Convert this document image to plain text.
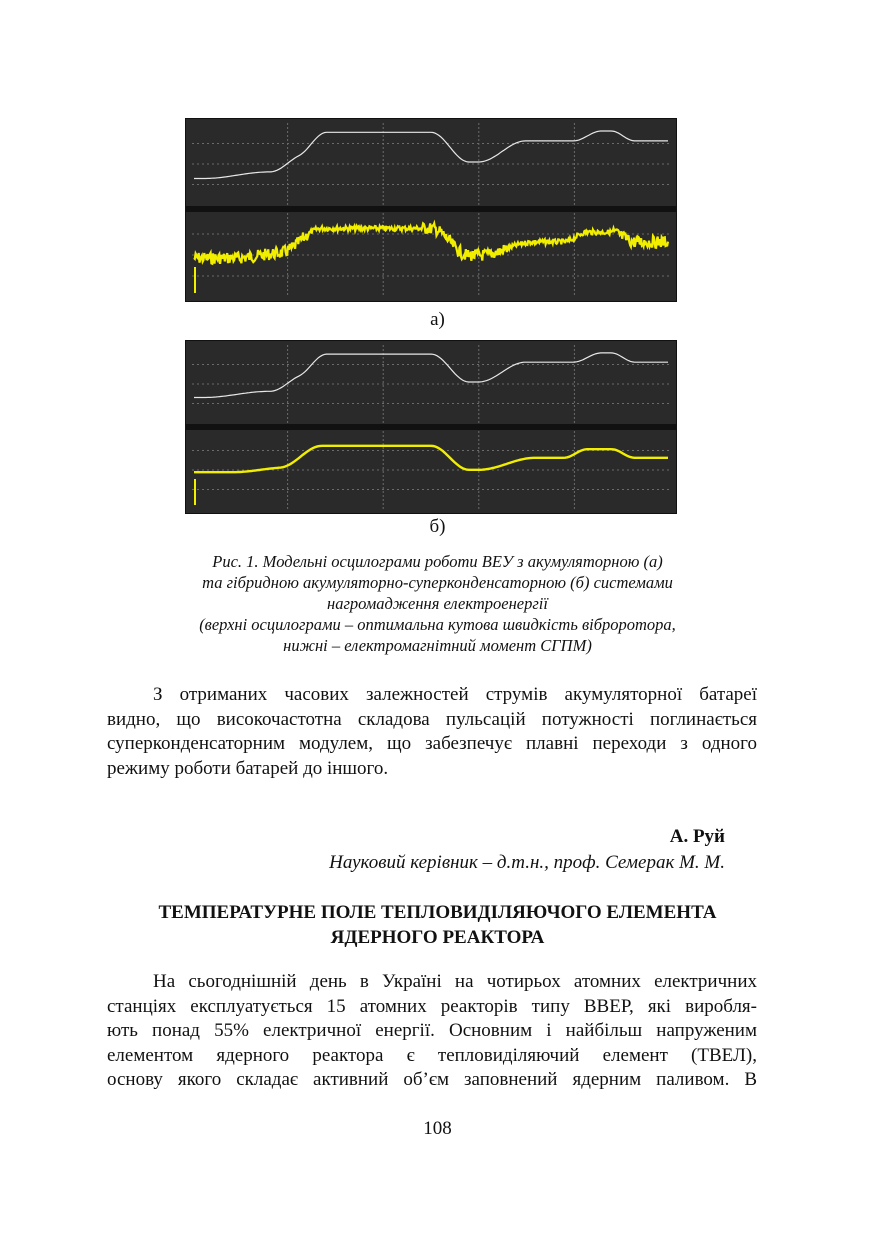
а)
б)
Рис. 1. Модельні осцилограми роботи ВЕУ з акумуляторною (а)
та гібридною акумуляторно-суперконденсаторною (б) системами
нагромадження електроенергії
(верхні осцилограми – оптимальна кутова швидкість віброротора,
нижні – електромагнітний момент СГПМ)
З отриманих часових залежностей струмів акумуляторної батареї
видно, що високочастотна складова пульсацій потужності поглинається
суперконденсаторним модулем, що забезпечує плавні переходи з одного
режиму роботи батарей до іншого.
А. Руй
Науковий керівник – д.т.н., проф. Семерак М. М.
ТЕМПЕРАТУРНЕ ПОЛЕ ТЕПЛОВИДІЛЯЮЧОГО ЕЛЕМЕНТА
ЯДЕРНОГО РЕАКТОРА
На сьогоднішній день в Україні на чотирьох атомних електричних
станціях експлуатується 15 атомних реакторів типу ВВЕР, які виробля-
ють понад 55% електричної енергії. Основним і найбільш напруженим
елементом ядерного реактора є тепловиділяючий елемент (ТВЕЛ),
основу якого складає активний об’єм заповнений ядерним паливом. В
108
